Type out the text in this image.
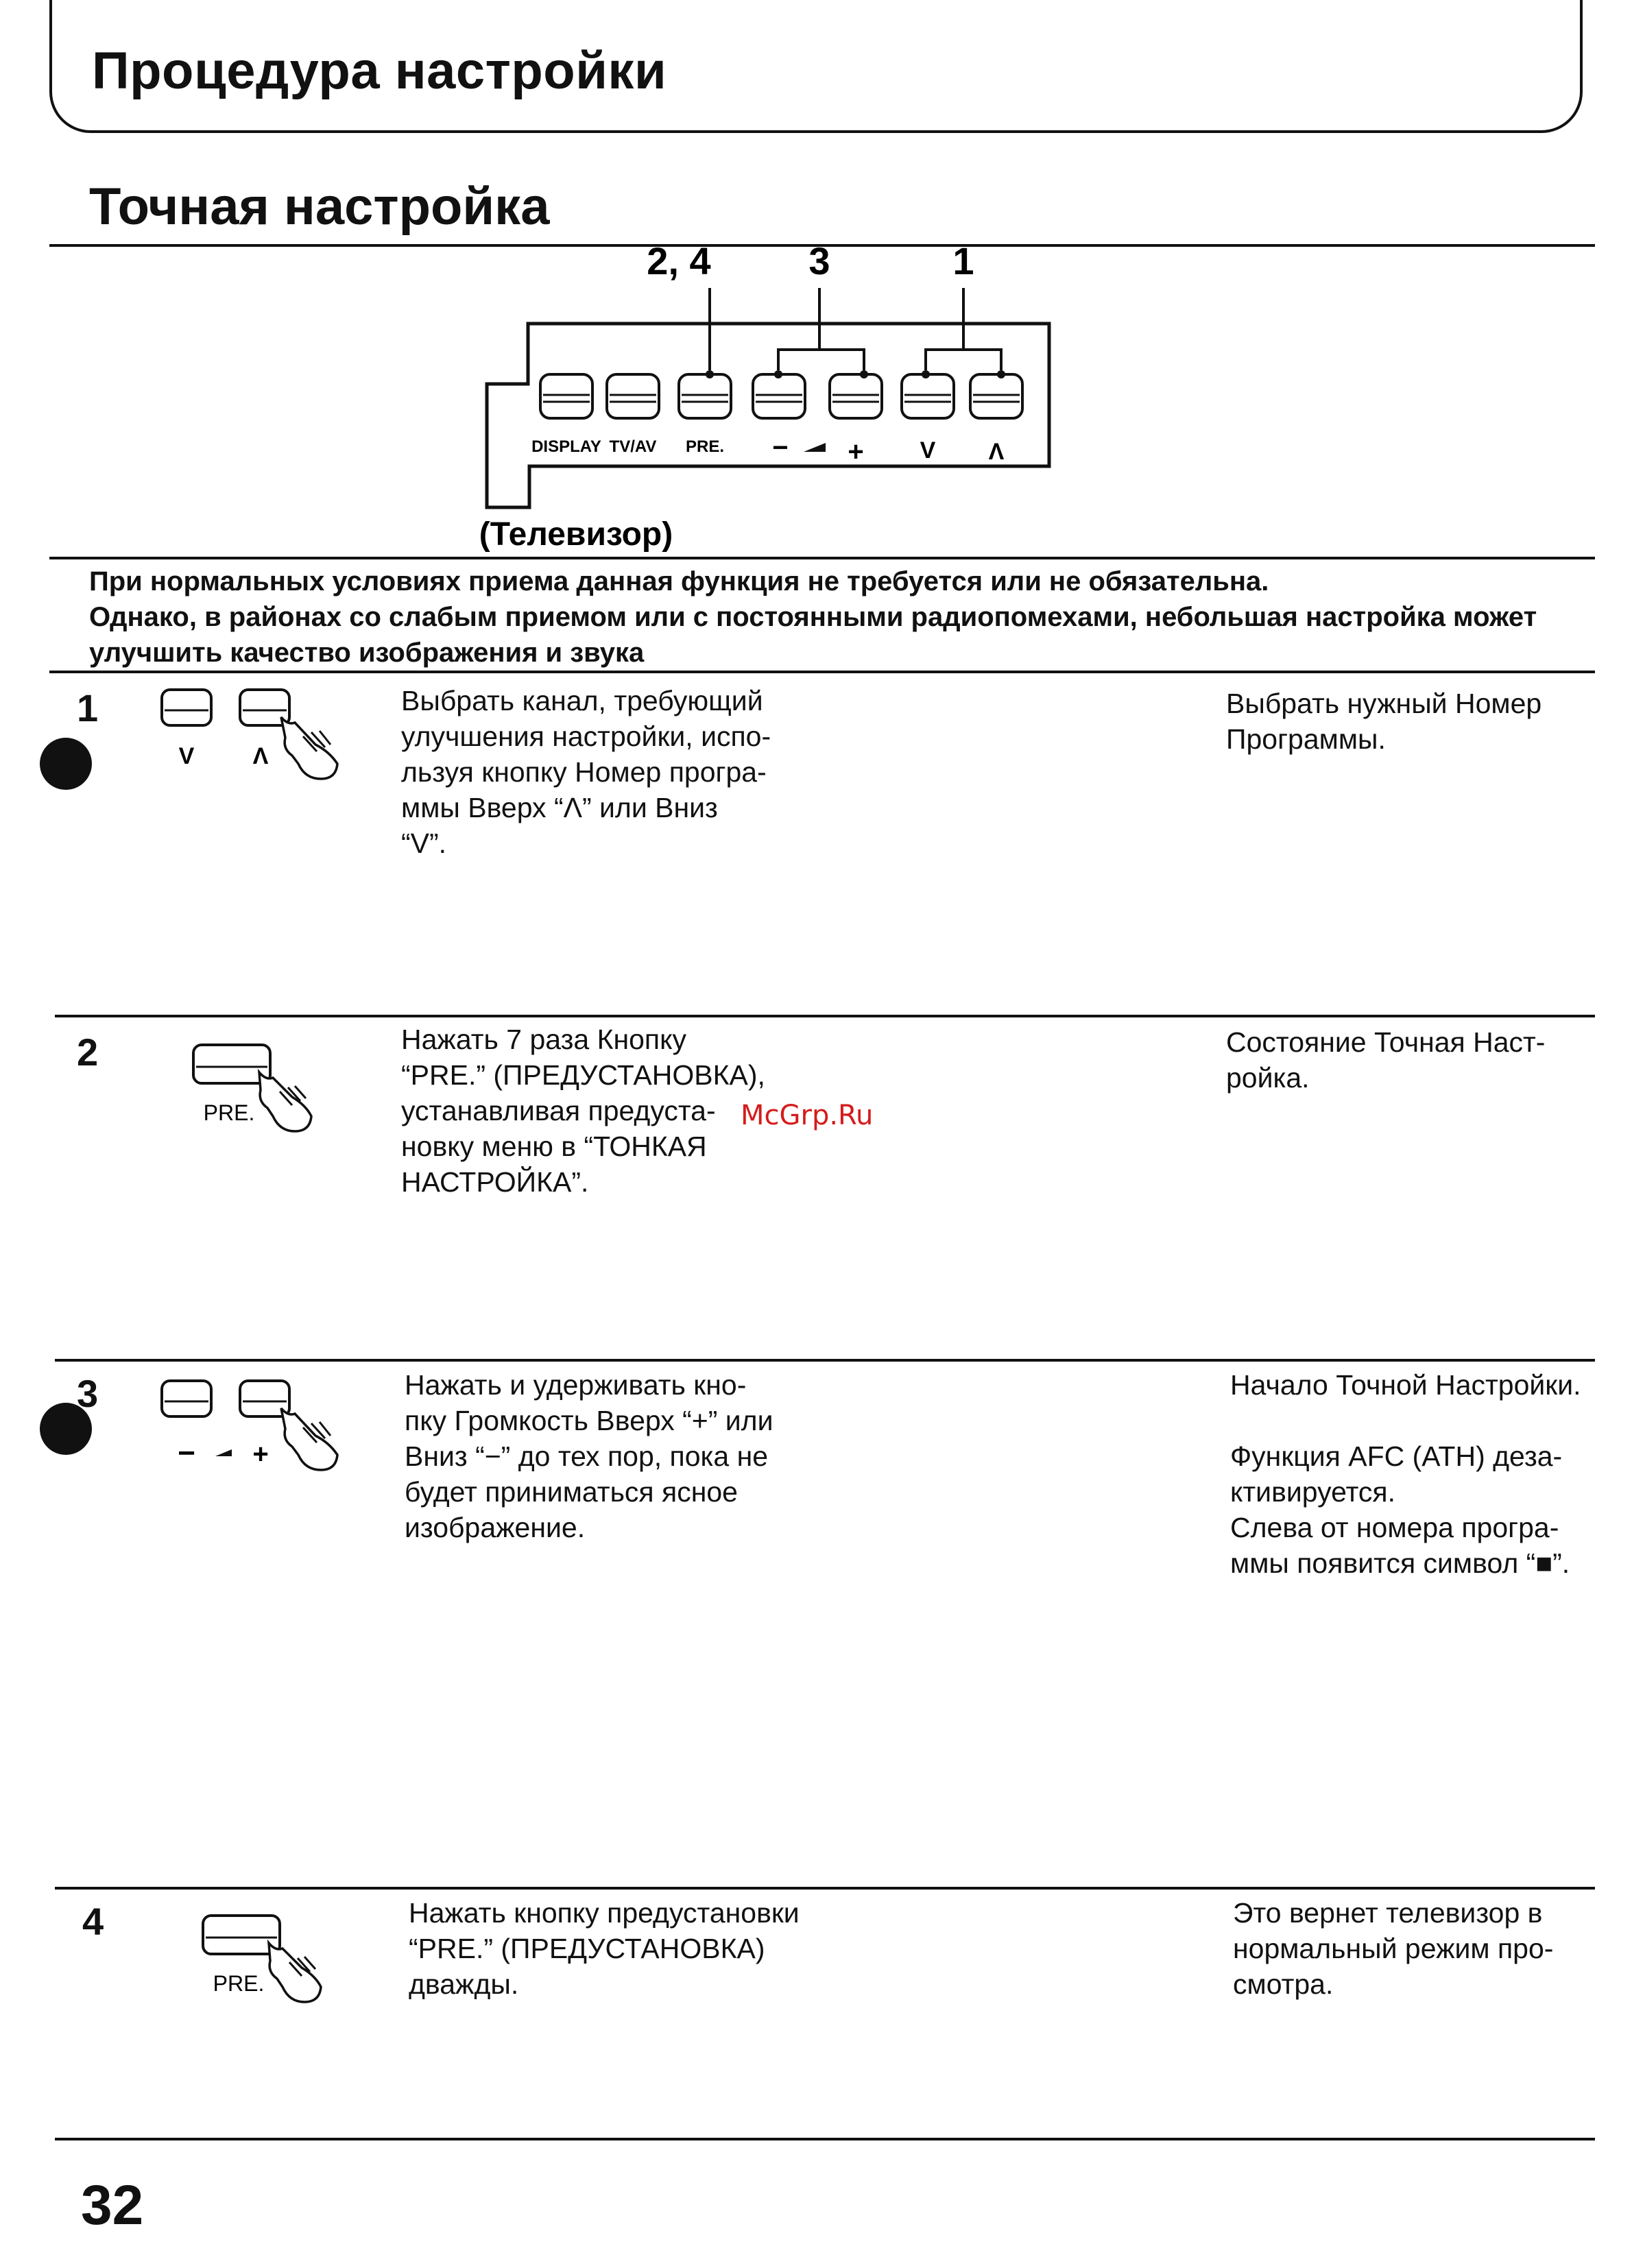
Процедура настройки
Точная настройка
2, 4	3	1
DISPLAY TV/AV PRE. − + V Λ
(Телевизор)
При нормальных условиях приема данная функция не требуется или не обязательна.
Однако, в районах со слабым приемом или с постоянными радиопомехами, небольшая настройка может
улучшить качество изображения и звука
1
V	Λ
Выбрать канал, требующий
улучшения настройки, испо-
льзуя кнопку Номер програ-
ммы Вверх “Λ” или Вниз
“V”.
Выбрать нужный Номер
Программы.
2
PRE.
Нажать 7 раза Кнопку
“PRE.” (ПРЕДУСТАНОВКА),
устанавливая предуста-
новку меню в “ТОНКАЯ
НАСТРОЙКА”.
McGrp.Ru
Состояние Точная Наст-
ройка.
3
− +
Нажать и удерживать кно-
пку Громкость Вверх “+” или
Вниз “−” до тех пор, пока не
будет приниматься ясное
изображение.
Начало Точной Настройки.
Функция AFC (АТН) деза-
ктивируется.
Слева от номера програ-
ммы появится символ “■”.
4
PRE.
Нажать кнопку предустановки
“PRE.” (ПРЕДУСТАНОВКА)
дважды.
Это вернет телевизор в
нормальный режим про-
смотра.
32
